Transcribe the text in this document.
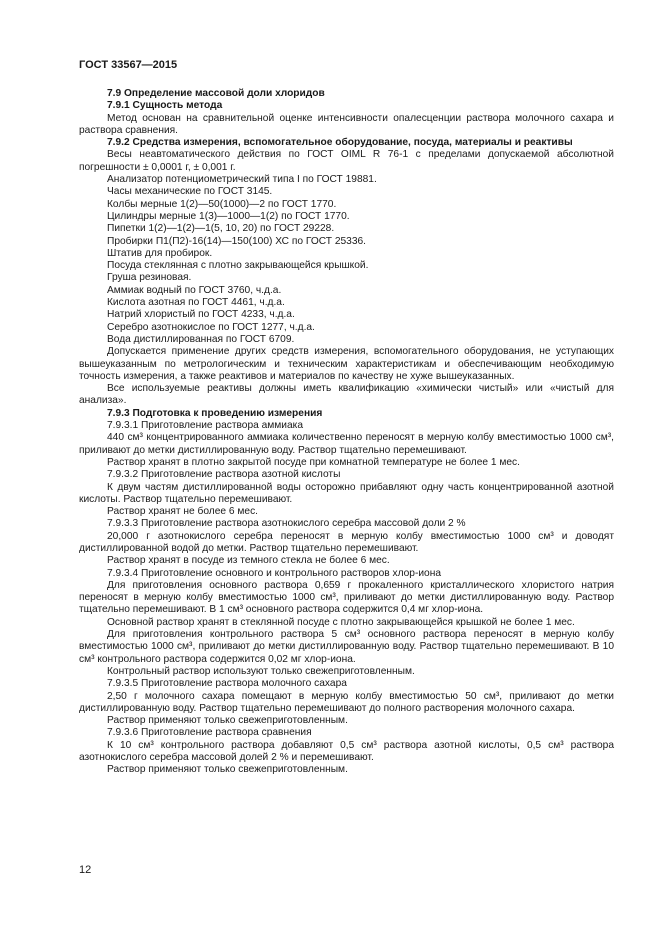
ГОСТ 33567—2015

7.9 Определение массовой доли хлоридов

7.9.1 Сущность метода

Метод основан на сравнительной оценке интенсивности опалесценции раствора молочного сахара и раствора сравнения.

7.9.2 Средства измерения, вспомогательное оборудование, посуда, материалы и реактивы

Весы неавтоматического действия по ГОСТ OIML R 76-1 с пределами допускаемой абсолютной погрешности ± 0,0001 г, ± 0,001 г.

Анализатор потенциометрический типа I по ГОСТ 19881.

Часы механические по ГОСТ 3145.

Колбы мерные 1(2)—50(1000)—2 по ГОСТ 1770.

Цилиндры мерные 1(3)—1000—1(2) по ГОСТ 1770.

Пипетки 1(2)—1(2)—1(5, 10, 20) по ГОСТ 29228.

Пробирки П1(П2)-16(14)—150(100) ХС по ГОСТ 25336.

Штатив для пробирок.

Посуда стеклянная с плотно закрывающейся крышкой.

Груша резиновая.

Аммиак водный по ГОСТ 3760, ч.д.а.

Кислота азотная по ГОСТ 4461, ч.д.а.

Натрий хлористый по ГОСТ 4233, ч.д.а.

Серебро азотнокислое по ГОСТ 1277, ч.д.а.

Вода дистиллированная по ГОСТ 6709.

Допускается применение других средств измерения, вспомогательного оборудования, не уступающих вышеуказанным по метрологическим и техническим характеристикам и обеспечивающим необходимую точность измерения, а также реактивов и материалов по качеству не хуже вышеуказанных.

Все используемые реактивы должны иметь квалификацию «химически чистый» или «чистый для анализа».

7.9.3 Подготовка к проведению измерения

7.9.3.1 Приготовление раствора аммиака

440 см³ концентрированного аммиака количественно переносят в мерную колбу вместимостью 1000 см³, приливают до метки дистиллированную воду. Раствор тщательно перемешивают.

Раствор хранят в плотно закрытой посуде при комнатной температуре не более 1 мес.

7.9.3.2 Приготовление раствора азотной кислоты

К двум частям дистиллированной воды осторожно прибавляют одну часть концентрированной азотной кислоты. Раствор тщательно перемешивают.

Раствор хранят не более 6 мес.

7.9.3.3 Приготовление раствора азотнокислого серебра массовой доли 2 %

20,000 г азотнокислого серебра переносят в мерную колбу вместимостью 1000 см³ и доводят дистиллированной водой до метки. Раствор тщательно перемешивают.

Раствор хранят в посуде из темного стекла не более 6 мес.

7.9.3.4 Приготовление основного и контрольного растворов хлор-иона

Для приготовления основного раствора 0,659 г прокаленного кристаллического хлористого натрия переносят в мерную колбу вместимостью 1000 см³, приливают до метки дистиллированную воду. Раствор тщательно перемешивают. В 1 см³ основного раствора содержится 0,4 мг хлор-иона.

Основной раствор хранят в стеклянной посуде с плотно закрывающейся крышкой не более 1 мес.

Для приготовления контрольного раствора 5 см³ основного раствора переносят в мерную колбу вместимостью 1000 см³, приливают до метки дистиллированную воду. Раствор тщательно перемешивают. В 10 см³ контрольного раствора содержится 0,02 мг хлор-иона.

Контрольный раствор используют только свежеприготовленным.

7.9.3.5 Приготовление раствора молочного сахара

2,50 г молочного сахара помещают в мерную колбу вместимостью 50 см³, приливают до метки дистиллированную воду. Раствор тщательно перемешивают до полного растворения молочного сахара.

Раствор применяют только свежеприготовленным.

7.9.3.6 Приготовление раствора сравнения

К 10 см³ контрольного раствора добавляют 0,5 см³ раствора азотной кислоты, 0,5 см³ раствора азотнокислого серебра массовой долей 2 % и перемешивают.

Раствор применяют только свежеприготовленным.

12
